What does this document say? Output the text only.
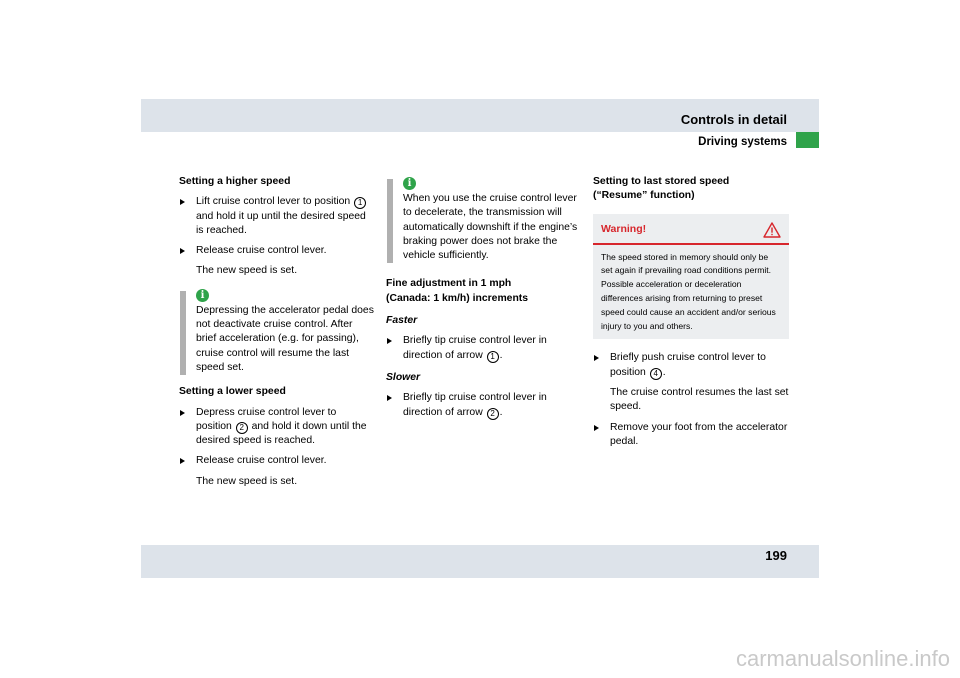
Controls in detail
Driving systems

Setting a higher speed

Lift cruise control lever to position 1 and hold it up until the desired speed is reached.

Release cruise control lever.

The new speed is set.

i
Depressing the accelerator pedal does not deactivate cruise control. After brief acceleration (e.g. for passing), cruise control will resume the last speed set.

Setting a lower speed

Depress cruise control lever to position 2 and hold it down until the desired speed is reached.

Release cruise control lever.

The new speed is set.

i
When you use the cruise control lever to decelerate, the transmission will automatically downshift if the engine’s braking power does not brake the vehicle sufficiently.

Fine adjustment in 1 mph
(Canada: 1 km/h) increments

Faster

Briefly tip cruise control lever in direction of arrow 1 .

Slower

Briefly tip cruise control lever in direction of arrow 2 .

Setting to last stored speed
(“Resume” function)

Warning!
The speed stored in memory should only be set again if prevailing road conditions permit. Possible acceleration or deceleration differences arising from returning to preset speed could cause an accident and/or serious injury to you and others.

Briefly push cruise control lever to position 4 .

The cruise control resumes the last set speed.

Remove your foot from the accelerator pedal.

199
carmanualsonline.info
